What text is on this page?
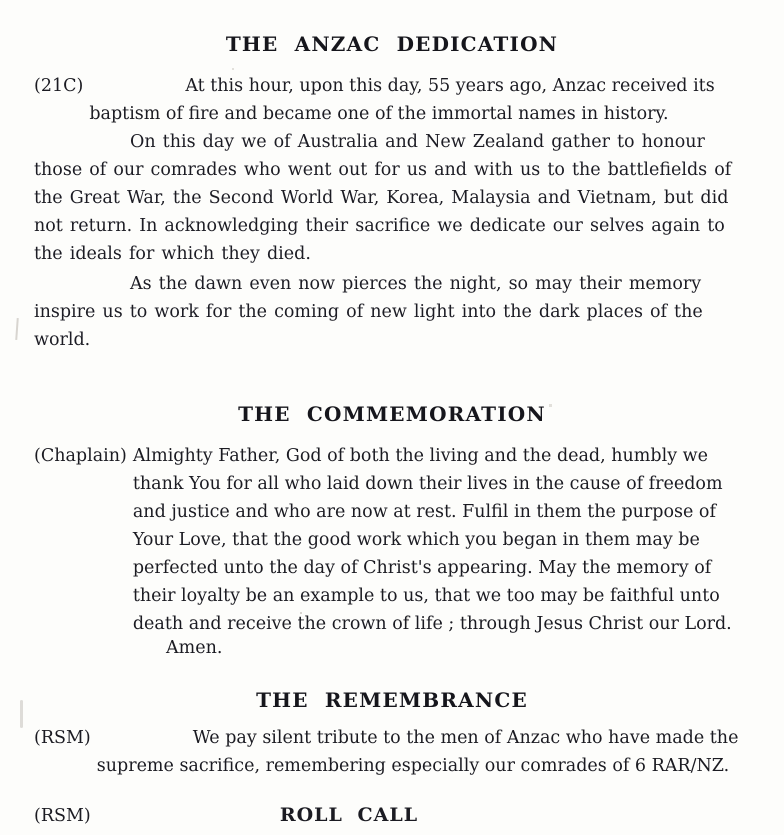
THE ANZAC DEDICATION
(21C)	At this hour, upon this day, 55 years ago, Anzac received its baptism of fire and became one of the immortal names in history.
On this day we of Australia and New Zealand gather to honour those of our comrades who went out for us and with us to the battlefields of the Great War, the Second World War, Korea, Malaysia and Vietnam, but did not return. In acknowledging their sacrifice we dedicate our selves again to the ideals for which they died.
As the dawn even now pierces the night, so may their memory inspire us to work for the coming of new light into the dark places of the world.
THE COMMEMORATION
(Chaplain) Almighty Father, God of both the living and the dead, humbly we thank You for all who laid down their lives in the cause of freedom and justice and who are now at rest. Fulfil in them the purpose of Your Love, that the good work which you began in them may be perfected unto the day of Christ's appearing. May the memory of their loyalty be an example to us, that we too may be faithful unto death and receive the crown of life ; through Jesus Christ our Lord.
Amen.
THE REMEMBRANCE
(RSM)	We pay silent tribute to the men of Anzac who have made the supreme sacrifice, remembering especially our comrades of 6 RAR/NZ.
(RSM)	ROLL CALL
